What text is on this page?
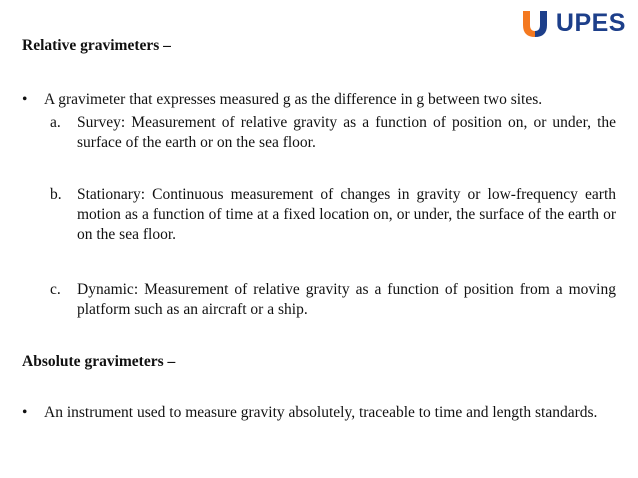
UPES
Relative gravimeters –
• A gravimeter that expresses measured g as the difference in g between two sites.
a. Survey: Measurement of relative gravity as a function of position on, or under, the surface of the earth or on the sea floor.
b. Stationary: Continuous measurement of changes in gravity or low-frequency earth motion as a function of time at a fixed location on, or under, the surface of the earth or on the sea floor.
c. Dynamic: Measurement of relative gravity as a function of position from a moving platform such as an aircraft or a ship.
Absolute gravimeters –
• An instrument used to measure gravity absolutely, traceable to time and length standards.
